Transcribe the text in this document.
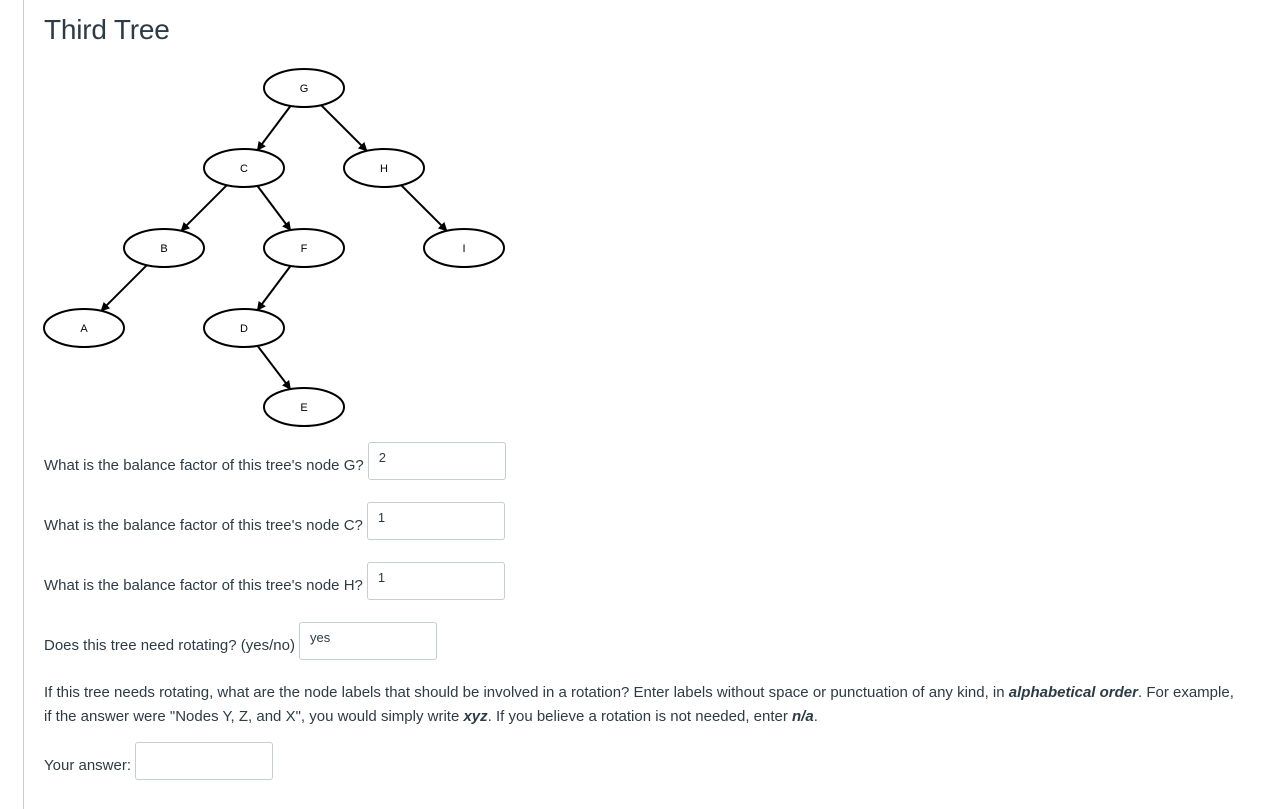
Third Tree
G
C	H
B	F	I
A	D
E
What is the balance factor of this tree's node G?	2
What is the balance factor of this tree's node C?	1
What is the balance factor of this tree's node H?	1
Does this tree need rotating? (yes/no)	yes

If this tree needs rotating, what are the node labels that should be involved in a rotation? Enter labels without space or punctuation of any kind, in alphabetical order. For example, if the answer were "Nodes Y, Z, and X", you would simply write xyz. If you believe a rotation is not needed, enter n/a.

Your answer:
